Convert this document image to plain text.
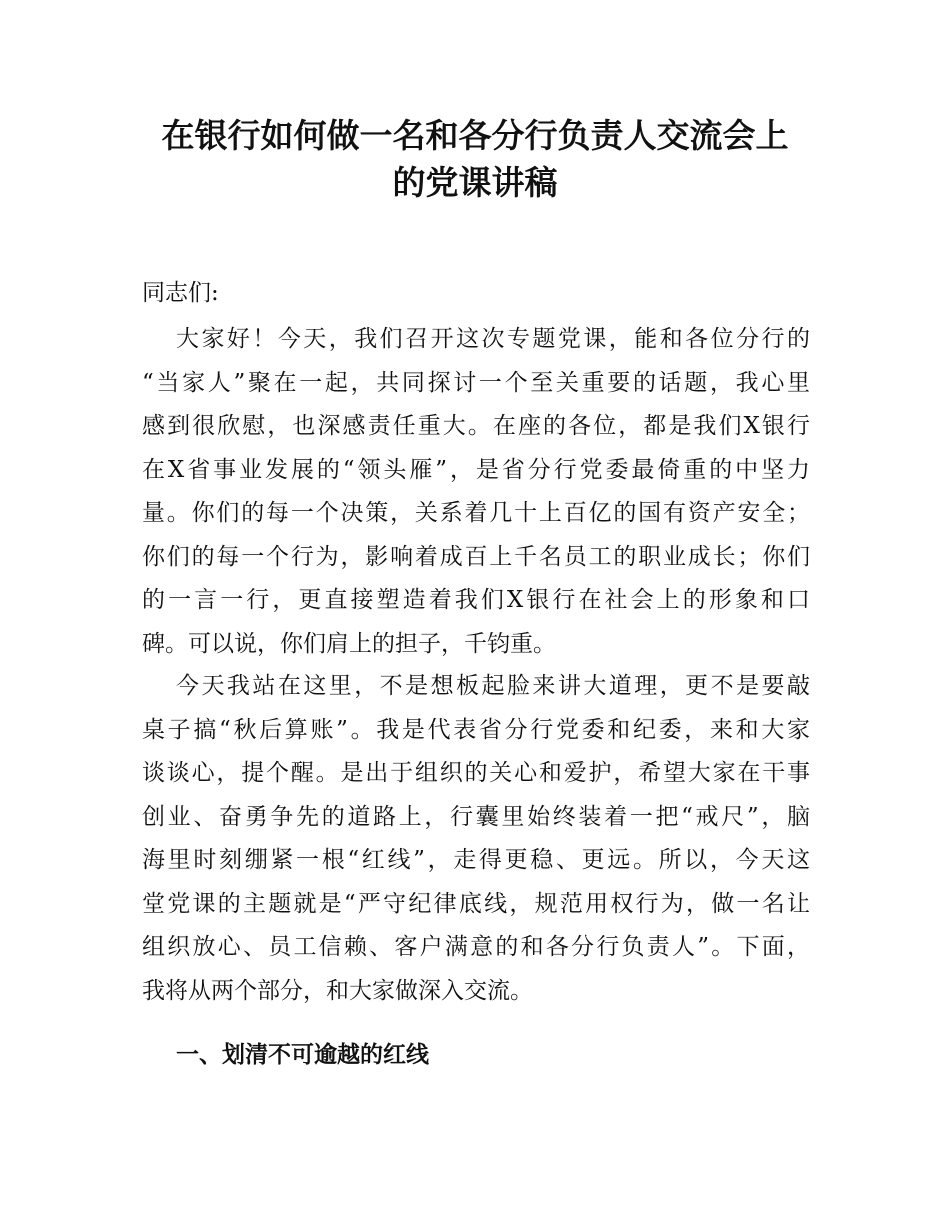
在银行如何做一名和各分行负责人交流会上
的党课讲稿
同志们:
大家好！今天，我们召开这次专题党课，能和各位分行的
“当家人”聚在一起，共同探讨一个至关重要的话题，我心里
感到很欣慰，也深感责任重大。在座的各位，都是我们X银行
在X省事业发展的“领头雁”，是省分行党委最倚重的中坚力
量。你们的每一个决策，关系着几十上百亿的国有资产安全；
你们的每一个行为，影响着成百上千名员工的职业成长；你们
的一言一行，更直接塑造着我们X银行在社会上的形象和口
碑。可以说，你们肩上的担子，千钧重。
今天我站在这里，不是想板起脸来讲大道理，更不是要敲
桌子搞“秋后算账”。我是代表省分行党委和纪委，来和大家
谈谈心，提个醒。是出于组织的关心和爱护，希望大家在干事
创业、奋勇争先的道路上，行囊里始终装着一把“戒尺”，脑
海里时刻绷紧一根“红线”，走得更稳、更远。所以，今天这
堂党课的主题就是“严守纪律底线，规范用权行为，做一名让
组织放心、员工信赖、客户满意的和各分行负责人”。下面，
我将从两个部分，和大家做深入交流。
一、划清不可逾越的红线
